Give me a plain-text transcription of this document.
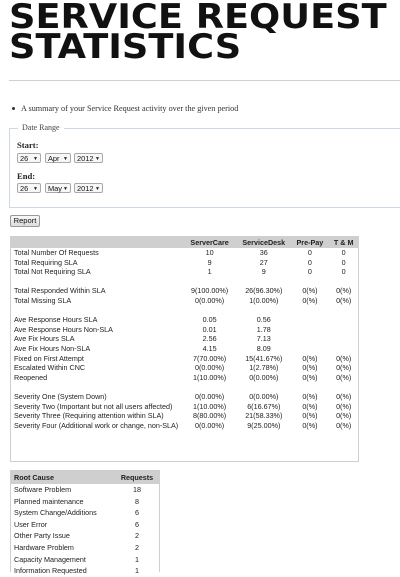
SERVICE REQUEST
STATISTICS
A summary of your Service Request activity over the given period
Date Range
Start:
26 ▼	Apr ▼	2012 ▼
End:
26 ▼	May ▼	2012 ▼
Report
	ServerCare	ServiceDesk	Pre-Pay	T & M
Total Number Of Requests	10	36	0	0
Total Requiring SLA	9	27	0	0
Total Not Requiring SLA	1	9	0	0

Total Responded Within SLA	9(100.00%)	26(96.30%)	0(%)	0(%)
Total Missing SLA	0(0.00%)	1(0.00%)	0(%)	0(%)

Ave Response Hours SLA	0.05	0.56		
Ave Response Hours Non-SLA	0.01	1.78		
Ave Fix Hours SLA	2.56	7.13		
Ave Fix Hours Non-SLA	4.15	8.09		
Fixed on First Attempt	7(70.00%)	15(41.67%)	0(%)	0(%)
Escalated Within CNC	0(0.00%)	1(2.78%)	0(%)	0(%)
Reopened	1(10.00%)	0(0.00%)	0(%)	0(%)

Severity One (System Down)	0(0.00%)	0(0.00%)	0(%)	0(%)
Severity Two (Important but not all users affected)	1(10.00%)	6(16.67%)	0(%)	0(%)
Severity Three (Requiring attention within SLA)	8(80.00%)	21(58.33%)	0(%)	0(%)
Severity Four (Additional work or change, non-SLA)	0(0.00%)	9(25.00%)	0(%)	0(%)
Root Cause	Requests
Software Problem	18
Planned maintenance	8
System Change/Additions	6
User Error	6
Other Party Issue	2
Hardware Problem	2
Capacity Management	1
Information Requested	1
